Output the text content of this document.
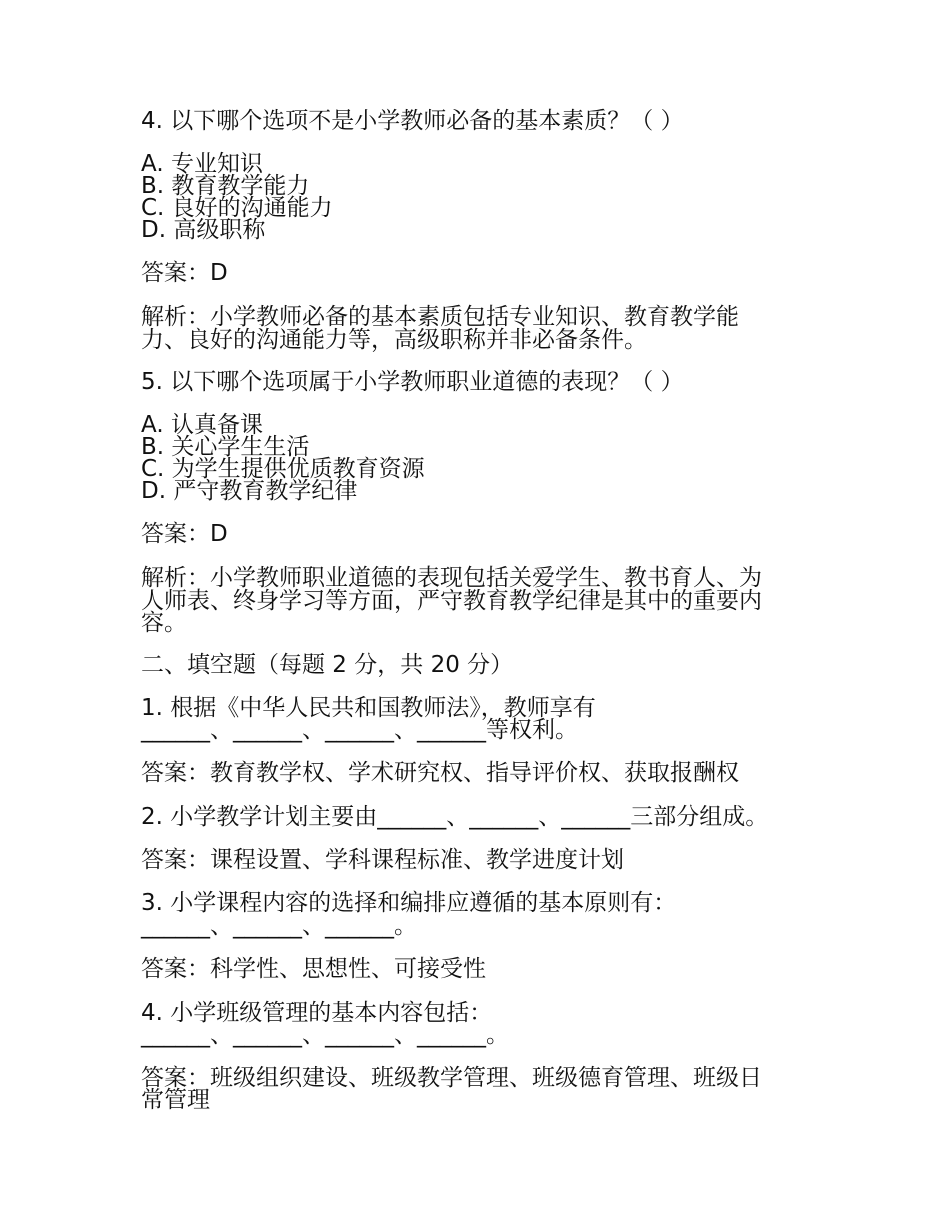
4. 以下哪个选项不是小学教师必备的基本素质？（ ）

A. 专业知识

B. 教育教学能力

C. 良好的沟通能力

D. 高级职称

答案：D

解析：小学教师必备的基本素质包括专业知识、教育教学能

力、良好的沟通能力等，高级职称并非必备条件。

5. 以下哪个选项属于小学教师职业道德的表现？（ ）

A. 认真备课

B. 关心学生生活

C. 为学生提供优质教育资源

D. 严守教育教学纪律

答案：D

解析：小学教师职业道德的表现包括关爱学生、教书育人、为

人师表、终身学习等方面，严守教育教学纪律是其中的重要内

容。

二、填空题（每题 2 分，共 20 分）

1. 根据《中华人民共和国教师法》，教师享有

______、______、______、______等权利。

答案：教育教学权、学术研究权、指导评价权、获取报酬权

2. 小学教学计划主要由______、______、______三部分组成。

答案：课程设置、学科课程标准、教学进度计划

3. 小学课程内容的选择和编排应遵循的基本原则有：

______、______、______。

答案：科学性、思想性、可接受性

4. 小学班级管理的基本内容包括：

______、______、______、______。

答案：班级组织建设、班级教学管理、班级德育管理、班级日

常管理
